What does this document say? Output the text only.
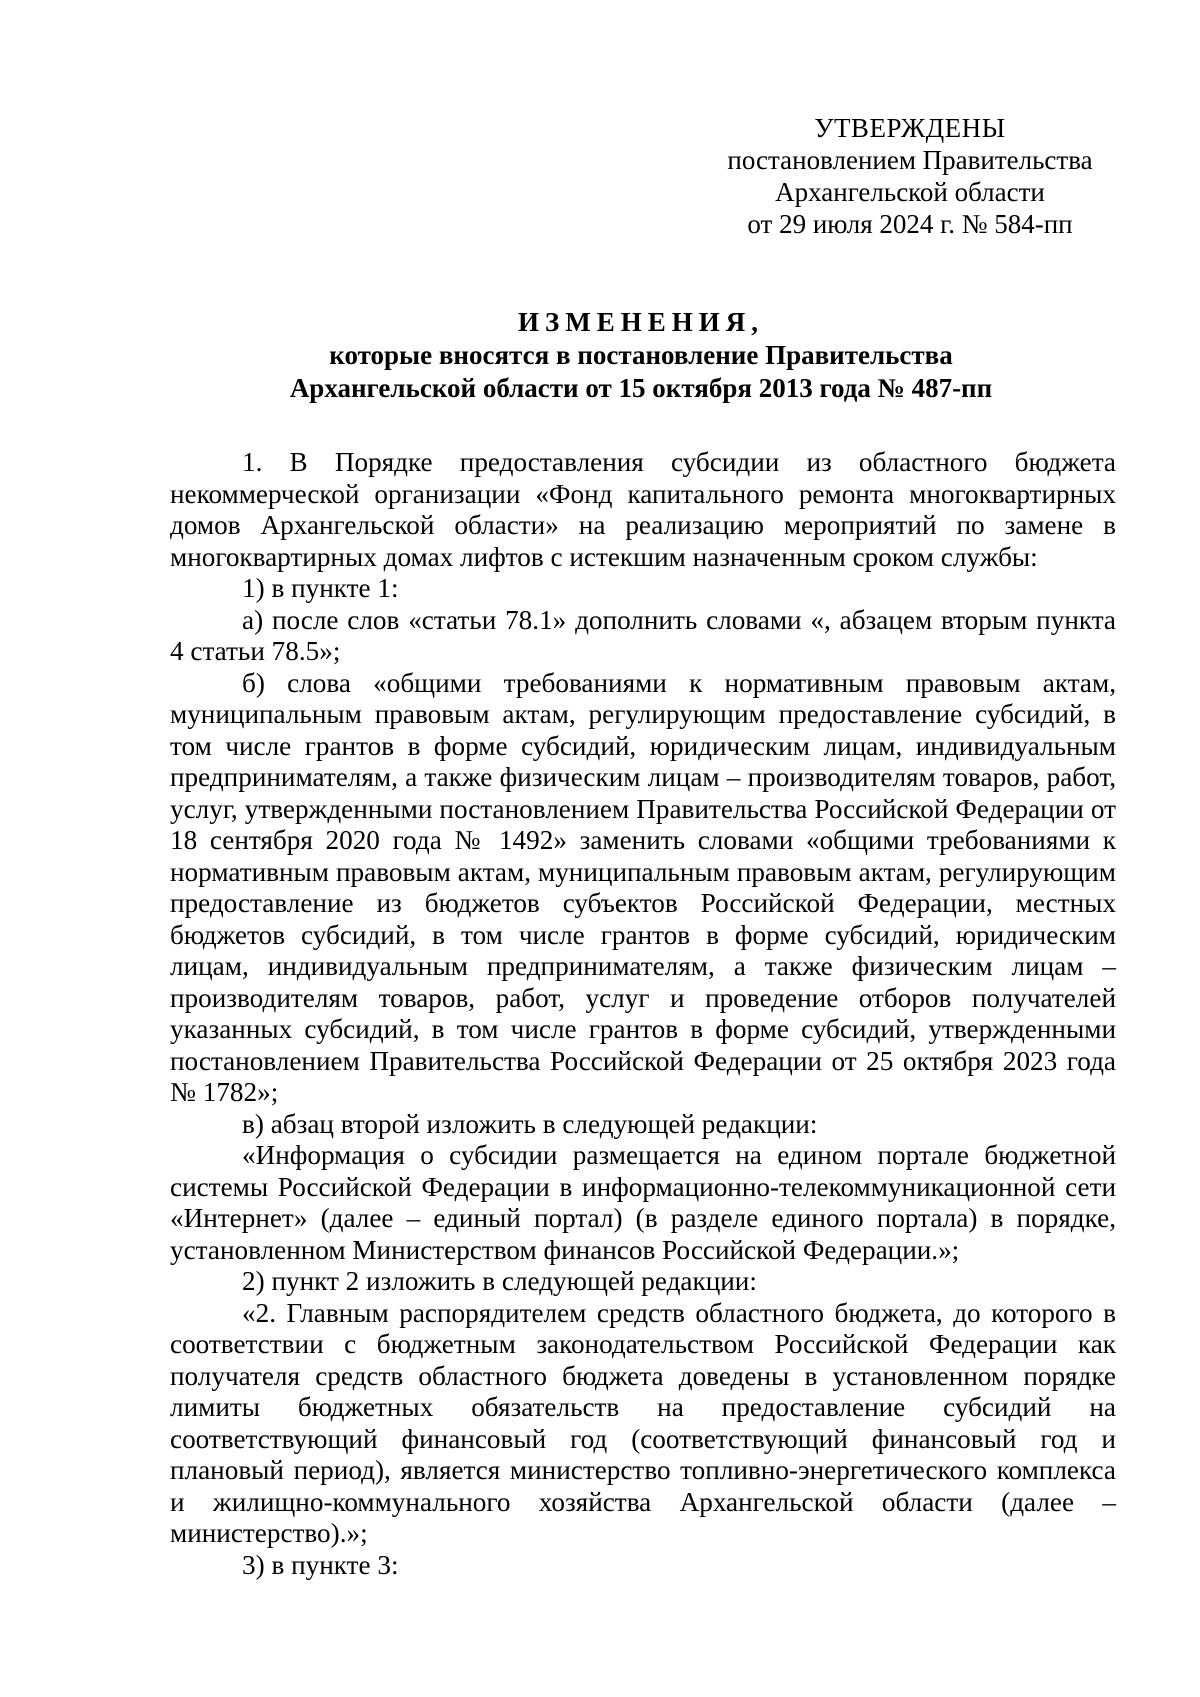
УТВЕРЖДЕНЫ
постановлением Правительства
Архангельской области
от 29 июля 2024 г. № 584-пп
ИЗМЕНЕНИЯ,
которые вносятся в постановление Правительства
Архангельской области от 15 октября 2013 года № 487-пп

1. В Порядке предоставления субсидии из областного бюджета некоммерческой организации «Фонд капитального ремонта многоквартирных домов Архангельской области» на реализацию мероприятий по замене в многоквартирных домах лифтов с истекшим назначенным сроком службы:

1) в пункте 1:

а) после слов «статьи 78.1» дополнить словами «, абзацем вторым пункта 4 статьи 78.5»;

б) слова «общими требованиями к нормативным правовым актам, муниципальным правовым актам, регулирующим предоставление субсидий, в том числе грантов в форме субсидий, юридическим лицам, индивидуальным предпринимателям, а также физическим лицам – производителям товаров, работ, услуг, утвержденными постановлением Правительства Российской Федерации от 18 сентября 2020 года № 1492» заменить словами «общими требованиями к нормативным правовым актам, муниципальным правовым актам, регулирующим предоставление из бюджетов субъектов Российской Федерации, местных бюджетов субсидий, в том числе грантов в форме субсидий, юридическим лицам, индивидуальным предпринимателям, а также физическим лицам – производителям товаров, работ, услуг и проведение отборов получателей указанных субсидий, в том числе грантов в форме субсидий, утвержденными постановлением Правительства Российской Федерации от 25 октября 2023 года № 1782»;

в) абзац второй изложить в следующей редакции:

«Информация о субсидии размещается на едином портале бюджетной системы Российской Федерации в информационно-телекоммуникационной сети «Интернет» (далее – единый портал) (в разделе единого портала) в порядке, установленном Министерством финансов Российской Федерации.»;

2) пункт 2 изложить в следующей редакции:

«2. Главным распорядителем средств областного бюджета, до которого в соответствии с бюджетным законодательством Российской Федерации как получателя средств областного бюджета доведены в установленном порядке лимиты бюджетных обязательств на предоставление субсидий на соответствующий финансовый год (соответствующий финансовый год и плановый период), является министерство топливно-энергетического комплекса и жилищно-коммунального хозяйства Архангельской области (далее – министерство).»;

3) в пункте 3:
